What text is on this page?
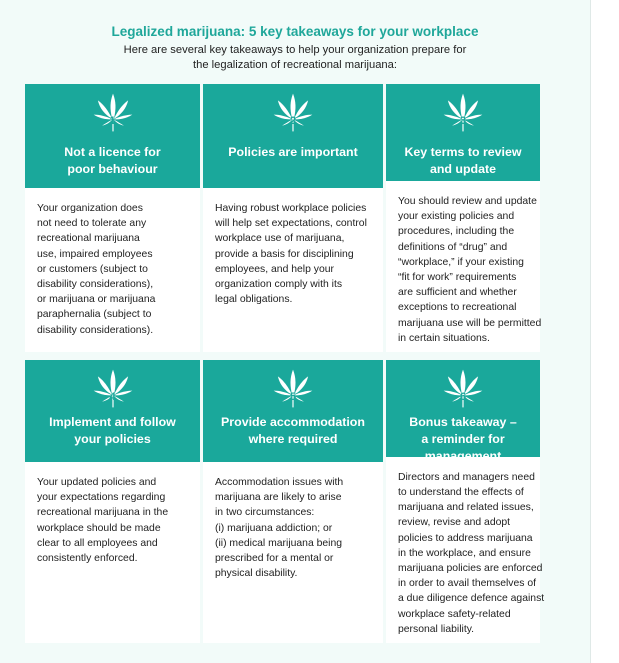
Legalized marijuana: 5 key takeaways for your workplace
Here are several key takeaways to help your organization prepare for
the legalization of recreational marijuana:
1
Not a licence for
poor behaviour
Your organization does
not need to tolerate any
recreational marijuana
use, impaired employees
or customers (subject to
disability considerations),
or marijuana or marijuana
paraphernalia (subject to
disability considerations).
2
Policies are important
Having robust workplace policies
will help set expectations, control
workplace use of marijuana,
provide a basis for disciplining
employees, and help your
organization comply with its
legal obligations.
3
Key terms to review
and update
You should review and update
your existing policies and
procedures, including the
definitions of “drug” and
“workplace,” if your existing
“fit for work” requirements
are sufficient and whether
exceptions to recreational
marijuana use will be permitted
in certain situations.
4
Implement and follow
your policies
Your updated policies and
your expectations regarding
recreational marijuana in the
workplace should be made
clear to all employees and
consistently enforced.
5
Provide accommodation
where required
Accommodation issues with
marijuana are likely to arise
in two circumstances:
(i) marijuana addiction; or
(ii) medical marijuana being
prescribed for a mental or
physical disability.
6
Bonus takeaway –
a reminder for management
Directors and managers need
to understand the effects of
marijuana and related issues,
review, revise and adopt
policies to address marijuana
in the workplace, and ensure
marijuana policies are enforced
in order to avail themselves of
a due diligence defence against
workplace safety-related
personal liability.
